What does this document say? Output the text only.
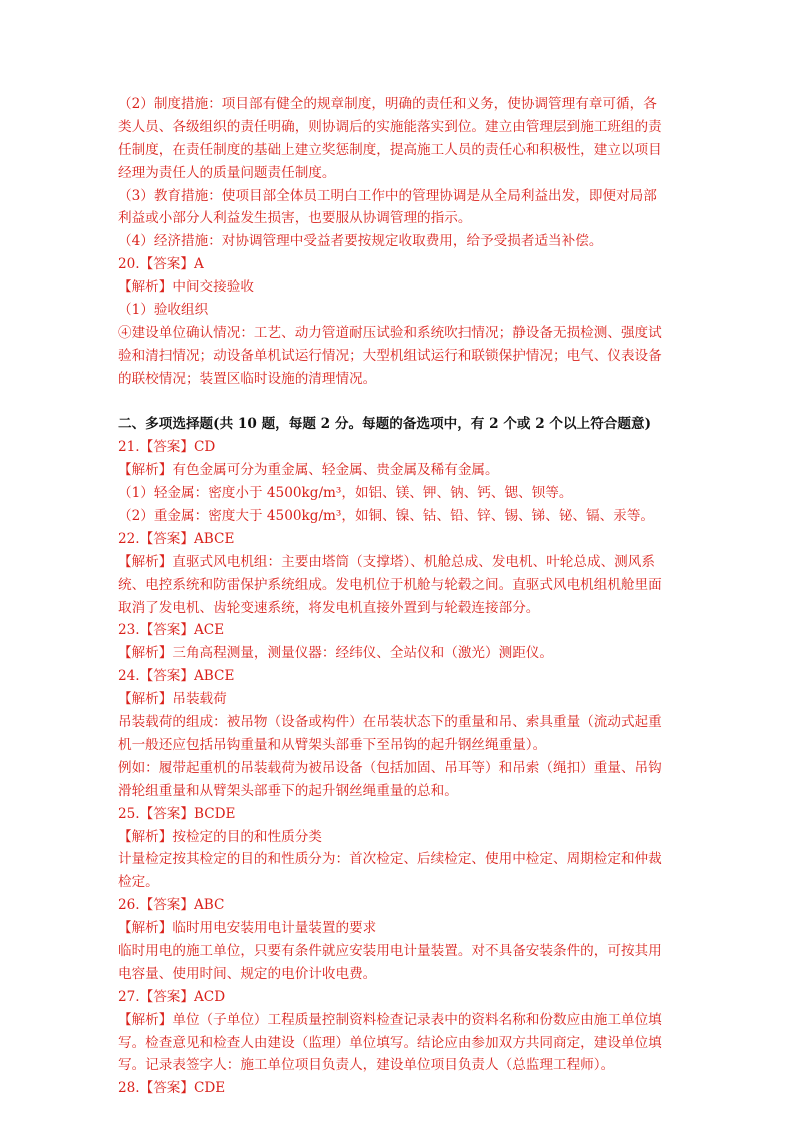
（2）制度措施：项目部有健全的规章制度，明确的责任和义务，使协调管理有章可循，各
类人员、各级组织的责任明确，则协调后的实施能落实到位。建立由管理层到施工班组的责
任制度，在责任制度的基础上建立奖惩制度，提高施工人员的责任心和积极性，建立以项目
经理为责任人的质量问题责任制度。
（3）教育措施：使项目部全体员工明白工作中的管理协调是从全局利益出发，即便对局部
利益或小部分人利益发生损害，也要服从协调管理的指示。
（4）经济措施：对协调管理中受益者要按规定收取费用，给予受损者适当补偿。
20.【答案】A
【解析】中间交接验收
（1）验收组织
④建设单位确认情况：工艺、动力管道耐压试验和系统吹扫情况；静设备无损检测、强度试
验和清扫情况；动设备单机试运行情况；大型机组试运行和联锁保护情况；电气、仪表设备
的联校情况；装置区临时设施的清理情况。
二、多项选择题(共 10 题，每题 2 分。每题的备选项中，有 2 个或 2 个以上符合题意)
21.【答案】CD
【解析】有色金属可分为重金属、轻金属、贵金属及稀有金属。
（1）轻金属：密度小于 4500kg/m³，如铝、镁、钾、钠、钙、锶、钡等。
（2）重金属：密度大于 4500kg/m³，如铜、镍、钴、铅、锌、锡、锑、铋、镉、汞等。
22.【答案】ABCE
【解析】直驱式风电机组：主要由塔筒（支撑塔）、机舱总成、发电机、叶轮总成、测风系
统、电控系统和防雷保护系统组成。发电机位于机舱与轮毂之间。直驱式风电机组机舱里面
取消了发电机、齿轮变速系统，将发电机直接外置到与轮毂连接部分。
23.【答案】ACE
【解析】三角高程测量，测量仪器：经纬仪、全站仪和（激光）测距仪。
24.【答案】ABCE
【解析】吊装载荷
吊装载荷的组成：被吊物（设备或构件）在吊装状态下的重量和吊、索具重量（流动式起重
机一般还应包括吊钩重量和从臂架头部垂下至吊钩的起升钢丝绳重量）。
例如：履带起重机的吊装载荷为被吊设备（包括加固、吊耳等）和吊索（绳扣）重量、吊钩
滑轮组重量和从臂架头部垂下的起升钢丝绳重量的总和。
25.【答案】BCDE
【解析】按检定的目的和性质分类
计量检定按其检定的目的和性质分为：首次检定、后续检定、使用中检定、周期检定和仲裁
检定。
26.【答案】ABC
【解析】临时用电安装用电计量装置的要求
临时用电的施工单位，只要有条件就应安装用电计量装置。对不具备安装条件的，可按其用
电容量、使用时间、规定的电价计收电费。
27.【答案】ACD
【解析】单位（子单位）工程质量控制资料检查记录表中的资料名称和份数应由施工单位填
写。检查意见和检查人由建设（监理）单位填写。结论应由参加双方共同商定，建设单位填
写。记录表签字人：施工单位项目负责人，建设单位项目负责人（总监理工程师）。
28.【答案】CDE
